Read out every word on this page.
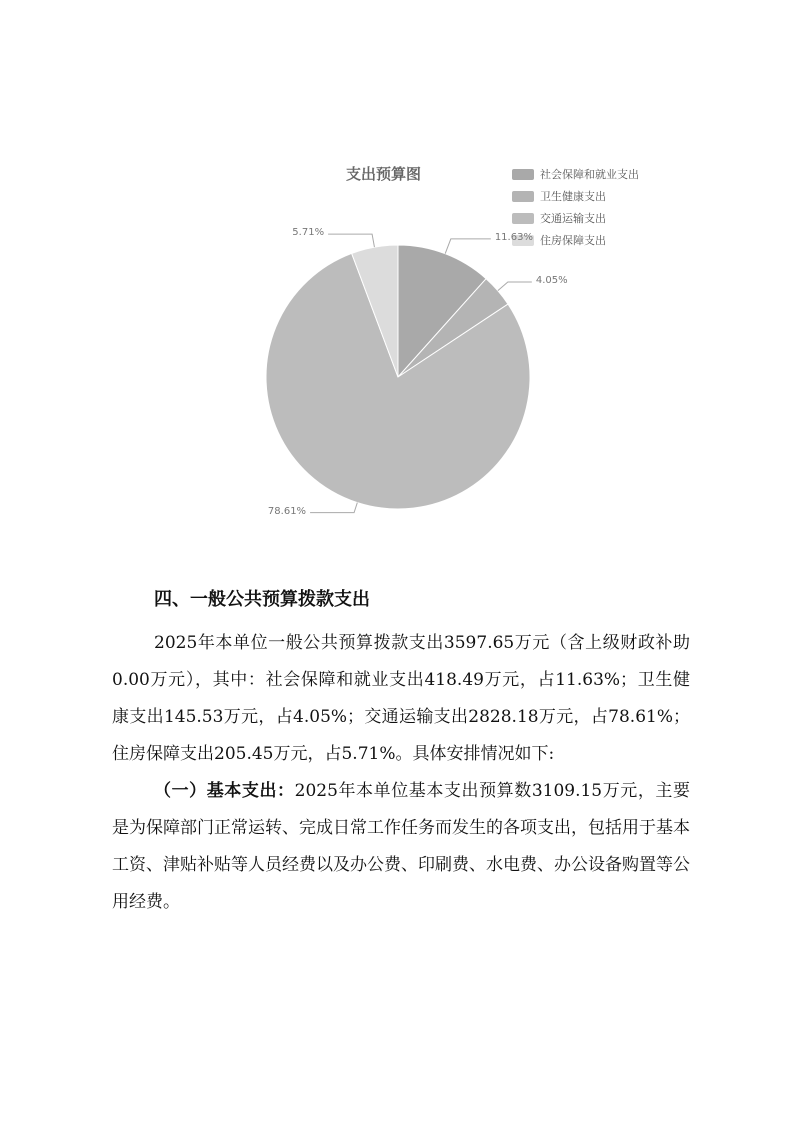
支出预算图	社会保障和就业支出
卫生健康支出
交通运输支出
住房保障支出
11.63%
4.05%
78.61%
5.71%
四、一般公共预算拨款支出

2025年本单位一般公共预算拨款支出3597.65万元（含上级财政补助0.00万元），其中：社会保障和就业支出418.49万元，占11.63%；卫生健康支出145.53万元，占4.05%；交通运输支出2828.18万元，占78.61%；住房保障支出205.45万元，占5.71%。具体安排情况如下:

（一）基本支出：2025年本单位基本支出预算数3109.15万元，主要是为保障部门正常运转、完成日常工作任务而发生的各项支出，包括用于基本工资、津贴补贴等人员经费以及办公费、印刷费、水电费、办公设备购置等公用经费。
